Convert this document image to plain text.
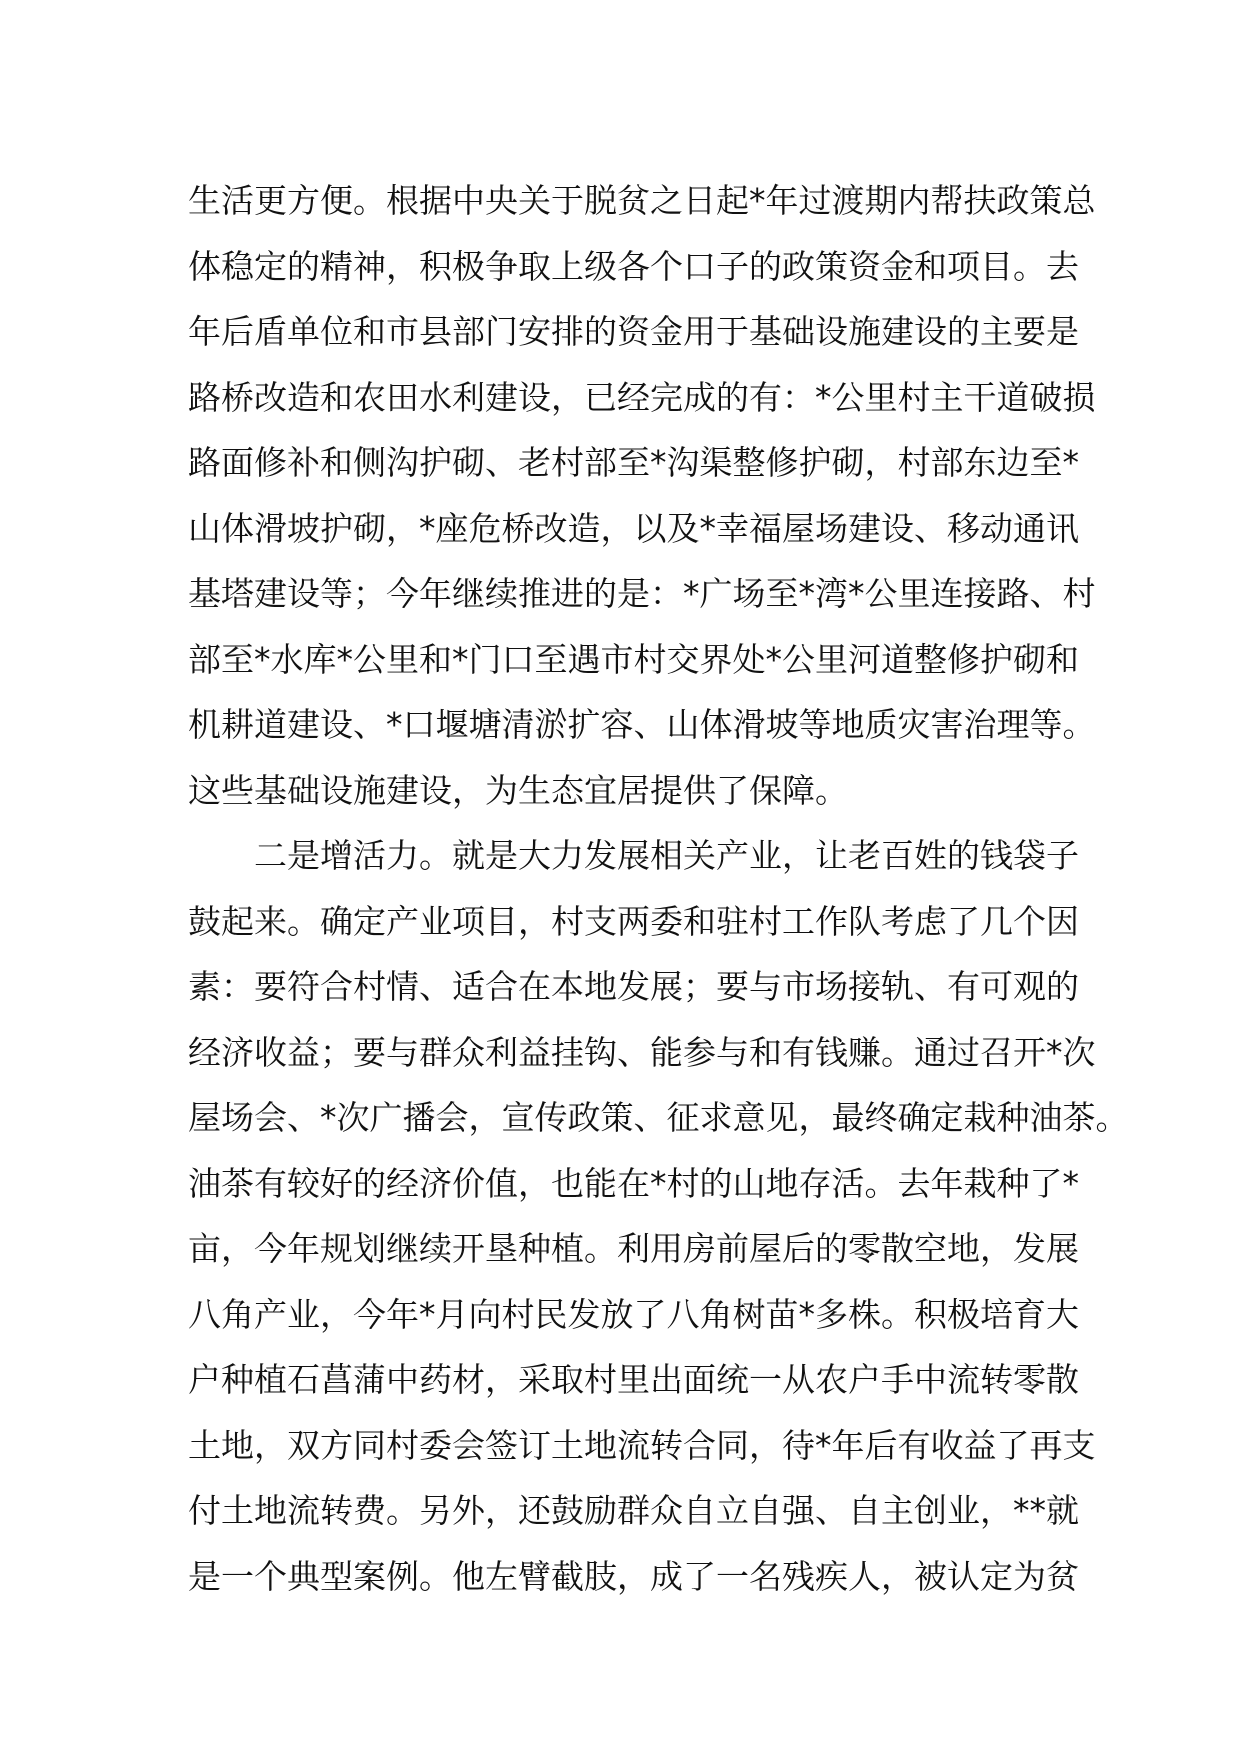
生活更方便。根据中央关于脱贫之日起*年过渡期内帮扶政策总
体稳定的精神，积极争取上级各个口子的政策资金和项目。去
年后盾单位和市县部门安排的资金用于基础设施建设的主要是
路桥改造和农田水利建设，已经完成的有：*公里村主干道破损
路面修补和侧沟护砌、老村部至*沟渠整修护砌，村部东边至*
山体滑坡护砌，*座危桥改造，以及*幸福屋场建设、移动通讯
基塔建设等；今年继续推进的是：*广场至*湾*公里连接路、村
部至*水库*公里和*门口至遇市村交界处*公里河道整修护砌和
机耕道建设、*口堰塘清淤扩容、山体滑坡等地质灾害治理等。
这些基础设施建设，为生态宜居提供了保障。
二是增活力。就是大力发展相关产业，让老百姓的钱袋子
鼓起来。确定产业项目，村支两委和驻村工作队考虑了几个因
素：要符合村情、适合在本地发展；要与市场接轨、有可观的
经济收益；要与群众利益挂钩、能参与和有钱赚。通过召开*次
屋场会、*次广播会，宣传政策、征求意见，最终确定栽种油茶。
油茶有较好的经济价值，也能在*村的山地存活。去年栽种了*
亩，今年规划继续开垦种植。利用房前屋后的零散空地，发展
八角产业，今年*月向村民发放了八角树苗*多株。积极培育大
户种植石菖蒲中药材，采取村里出面统一从农户手中流转零散
土地，双方同村委会签订土地流转合同，待*年后有收益了再支
付土地流转费。另外，还鼓励群众自立自强、自主创业，**就
是一个典型案例。他左臂截肢，成了一名残疾人，被认定为贫
